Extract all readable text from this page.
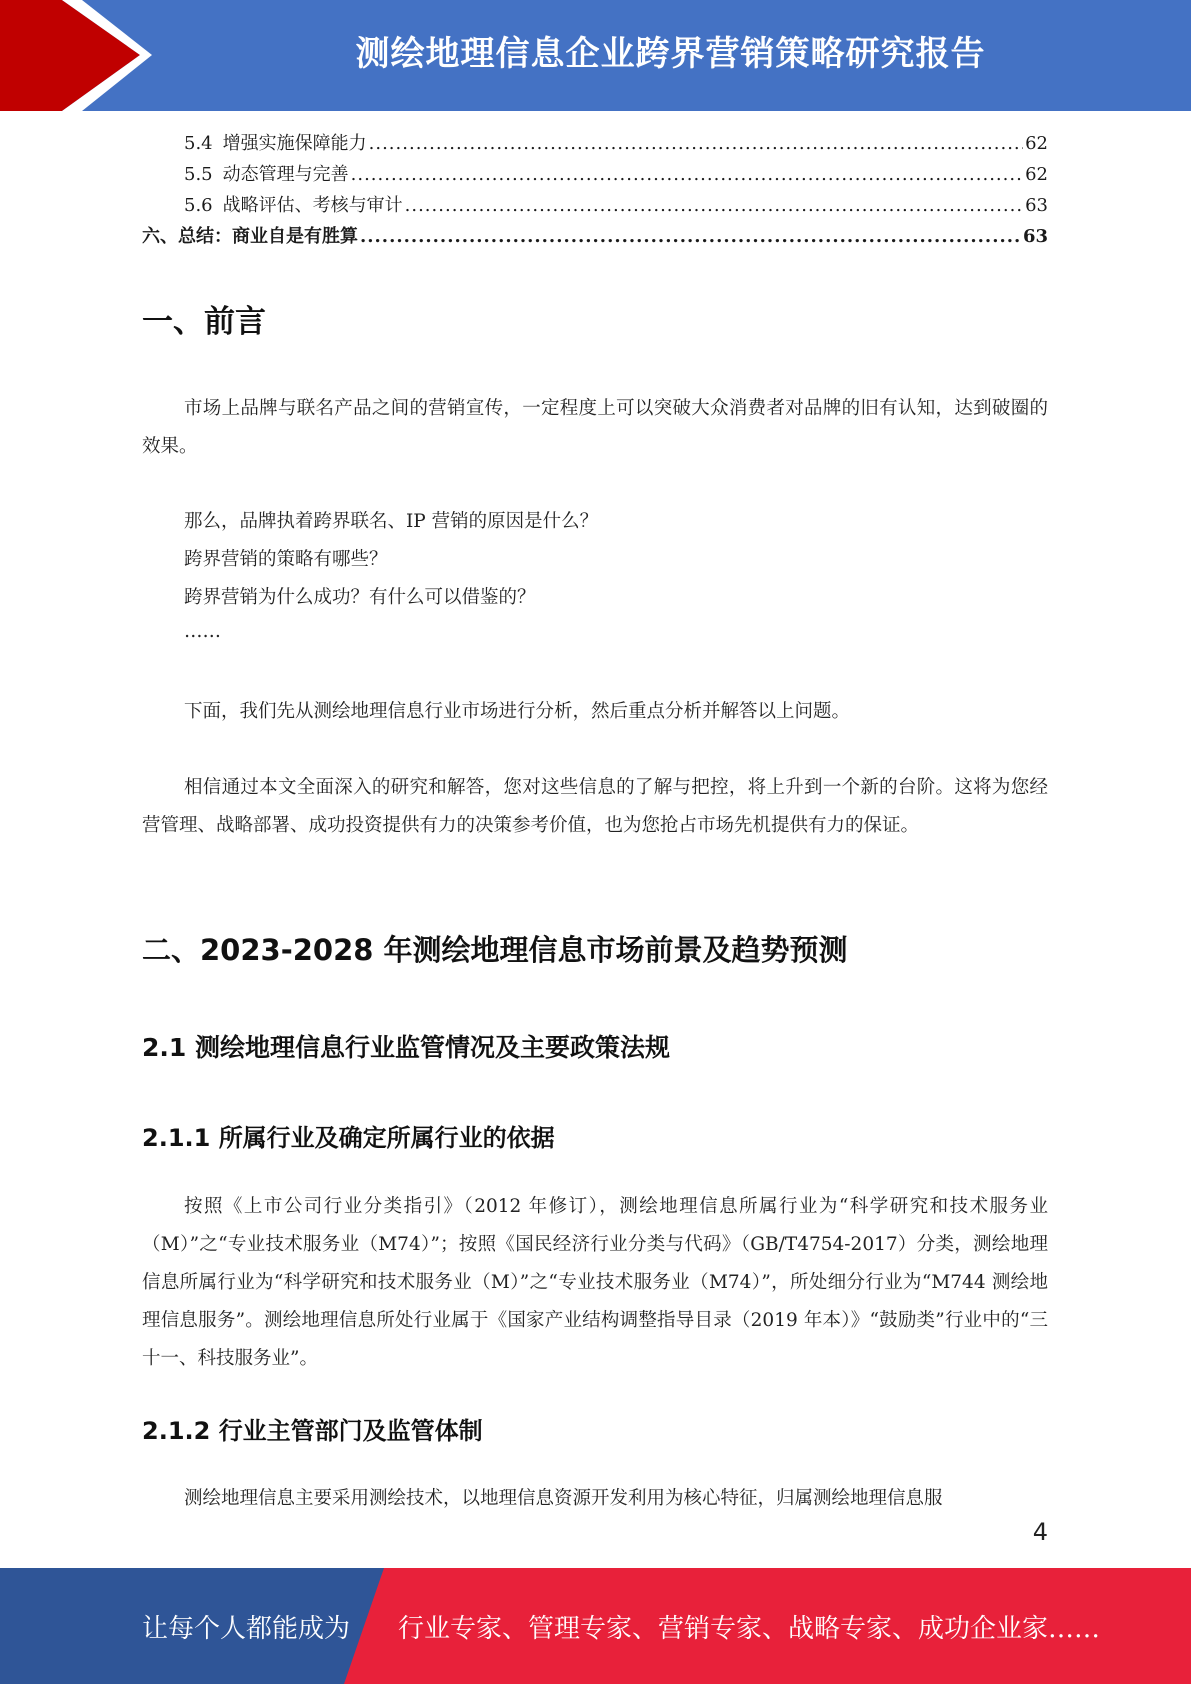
测绘地理信息企业跨界营销策略研究报告
5.4 增强实施保障能力 .....	62
5.5 动态管理与完善 .....	62
5.6 战略评估、考核与审计 .....	63
六、总结：商业自是有胜算 .....	63
一、前言
市场上品牌与联名产品之间的营销宣传，一定程度上可以突破大众消费者对品牌的旧有认知，达到破圈的效果。
那么，品牌执着跨界联名、IP 营销的原因是什么？
跨界营销的策略有哪些？
跨界营销为什么成功？有什么可以借鉴的？
……
下面，我们先从测绘地理信息行业市场进行分析，然后重点分析并解答以上问题。
相信通过本文全面深入的研究和解答，您对这些信息的了解与把控，将上升到一个新的台阶。这将为您经营管理、战略部署、成功投资提供有力的决策参考价值，也为您抢占市场先机提供有力的保证。
二、2023-2028 年测绘地理信息市场前景及趋势预测
2.1 测绘地理信息行业监管情况及主要政策法规
2.1.1 所属行业及确定所属行业的依据
按照《上市公司行业分类指引》（2012 年修订），测绘地理信息所属行业为“科学研究和技术服务业（M）”之“专业技术服务业（M74）”；按照《国民经济行业分类与代码》（GB/T4754-2017）分类，测绘地理信息所属行业为“科学研究和技术服务业（M）”之“专业技术服务业（M74）”，所处细分行业为“M744 测绘地理信息服务”。测绘地理信息所处行业属于《国家产业结构调整指导目录（2019 年本）》“鼓励类”行业中的“三十一、科技服务业”。
2.1.2 行业主管部门及监管体制
测绘地理信息主要采用测绘技术，以地理信息资源开发利用为核心特征，归属测绘地理信息服
4
让每个人都能成为 行业专家、管理专家、营销专家、战略专家、成功企业家……
